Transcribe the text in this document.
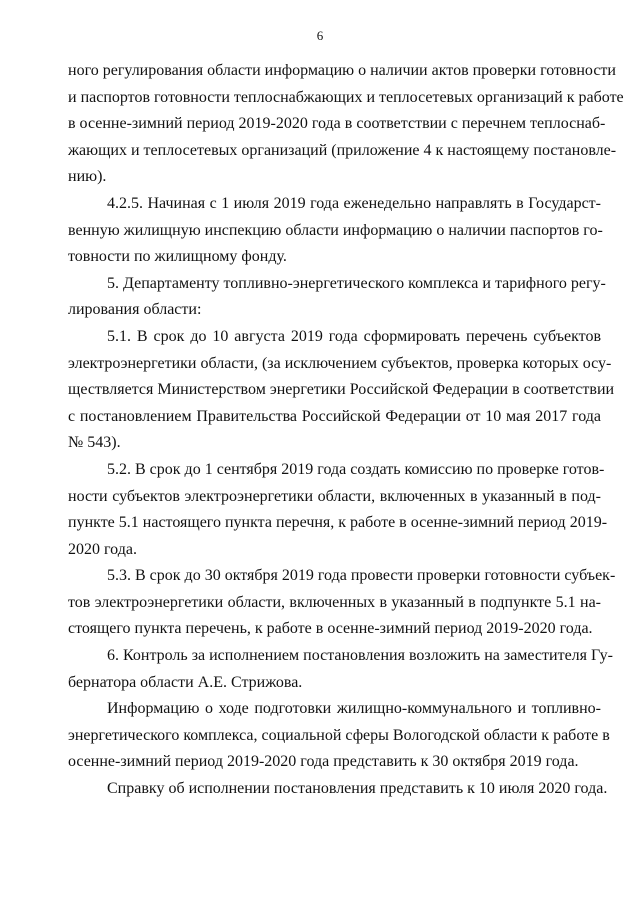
6

ного регулирования области информацию о наличии актов проверки готовности
и паспортов готовности теплоснабжающих и теплосетевых организаций к работе
в осенне-зимний период 2019-2020 года в соответствии с перечнем теплоснаб-
жающих и теплосетевых организаций (приложение 4 к настоящему постановле-
нию).

4.2.5. Начиная с 1 июля 2019 года еженедельно направлять в Государст-
венную жилищную инспекцию области информацию о наличии паспортов го-
товности по жилищному фонду.

5. Департаменту топливно-энергетического комплекса и тарифного регу-
лирования области:

5.1. В срок до 10 августа 2019 года сформировать перечень субъектов
электроэнергетики области, (за исключением субъектов, проверка которых осу-
ществляется Министерством энергетики Российской Федерации в соответствии
с постановлением Правительства Российской Федерации от 10 мая 2017 года
№ 543).

5.2. В срок до 1 сентября 2019 года создать комиссию по проверке готов-
ности субъектов электроэнергетики области, включенных в указанный в под-
пункте 5.1 настоящего пункта перечня, к работе в осенне-зимний период 2019-
2020 года.

5.3. В срок до 30 октября 2019 года провести проверки готовности субъек-
тов электроэнергетики области, включенных в указанный в подпункте 5.1 на-
стоящего пункта перечень, к работе в осенне-зимний период 2019-2020 года.

6. Контроль за исполнением постановления возложить на заместителя Гу-
бернатора области А.Е. Стрижова.

Информацию о ходе подготовки жилищно-коммунального и топливно-
энергетического комплекса, социальной сферы Вологодской области к работе в
осенне-зимний период 2019-2020 года представить к 30 октября 2019 года.

Справку об исполнении постановления представить к 10 июля 2020 года.
